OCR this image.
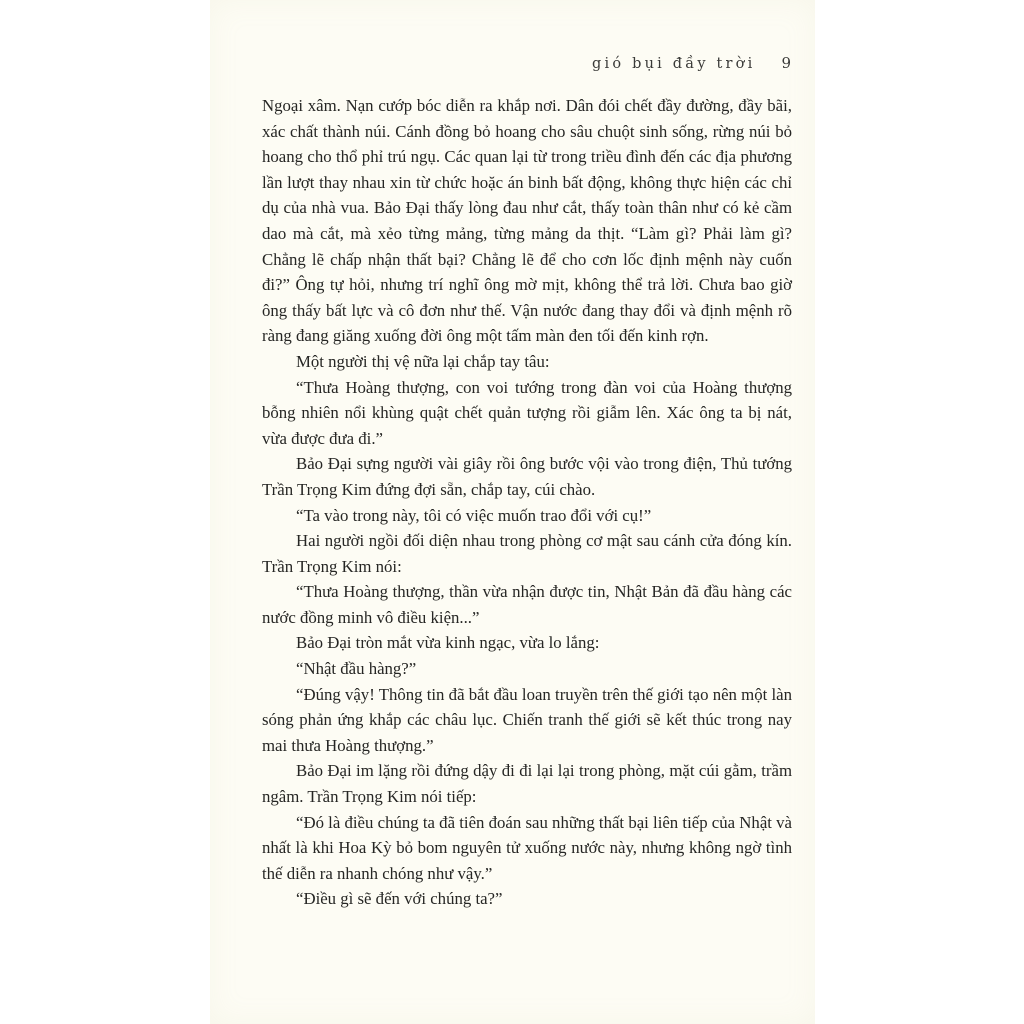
gió bụi đầy trời 9

Ngoại xâm. Nạn cướp bóc diễn ra khắp nơi. Dân đói chết đầy đường, đầy bãi, xác chất thành núi. Cánh đồng bỏ hoang cho sâu chuột sinh sống, rừng núi bỏ hoang cho thổ phỉ trú ngụ. Các quan lại từ trong triều đình đến các địa phương lần lượt thay nhau xin từ chức hoặc án binh bất động, không thực hiện các chỉ dụ của nhà vua. Bảo Đại thấy lòng đau như cắt, thấy toàn thân như có kẻ cầm dao mà cắt, mà xẻo từng mảng, từng mảng da thịt. “Làm gì? Phải làm gì? Chẳng lẽ chấp nhận thất bại? Chẳng lẽ để cho cơn lốc định mệnh này cuốn đi?” Ông tự hỏi, nhưng trí nghĩ ông mờ mịt, không thể trả lời. Chưa bao giờ ông thấy bất lực và cô đơn như thế. Vận nước đang thay đổi và định mệnh rõ ràng đang giăng xuống đời ông một tấm màn đen tối đến kinh rợn.

Một người thị vệ nữa lại chắp tay tâu:

“Thưa Hoàng thượng, con voi tướng trong đàn voi của Hoàng thượng bỗng nhiên nổi khùng quật chết quản tượng rồi giẫm lên. Xác ông ta bị nát, vừa được đưa đi.”

Bảo Đại sựng người vài giây rồi ông bước vội vào trong điện, Thủ tướng Trần Trọng Kim đứng đợi sẵn, chắp tay, cúi chào.

“Ta vào trong này, tôi có việc muốn trao đổi với cụ!”

Hai người ngồi đối diện nhau trong phòng cơ mật sau cánh cửa đóng kín. Trần Trọng Kim nói:

“Thưa Hoàng thượng, thần vừa nhận được tin, Nhật Bản đã đầu hàng các nước đồng minh vô điều kiện...”

Bảo Đại tròn mắt vừa kinh ngạc, vừa lo lắng:

“Nhật đầu hàng?”

“Đúng vậy! Thông tin đã bắt đầu loan truyền trên thế giới tạo nên một làn sóng phản ứng khắp các châu lục. Chiến tranh thế giới sẽ kết thúc trong nay mai thưa Hoàng thượng.”

Bảo Đại im lặng rồi đứng dậy đi đi lại lại trong phòng, mặt cúi gằm, trầm ngâm. Trần Trọng Kim nói tiếp:

“Đó là điều chúng ta đã tiên đoán sau những thất bại liên tiếp của Nhật và nhất là khi Hoa Kỳ bỏ bom nguyên tử xuống nước này, nhưng không ngờ tình thế diễn ra nhanh chóng như vậy.”

“Điều gì sẽ đến với chúng ta?”
